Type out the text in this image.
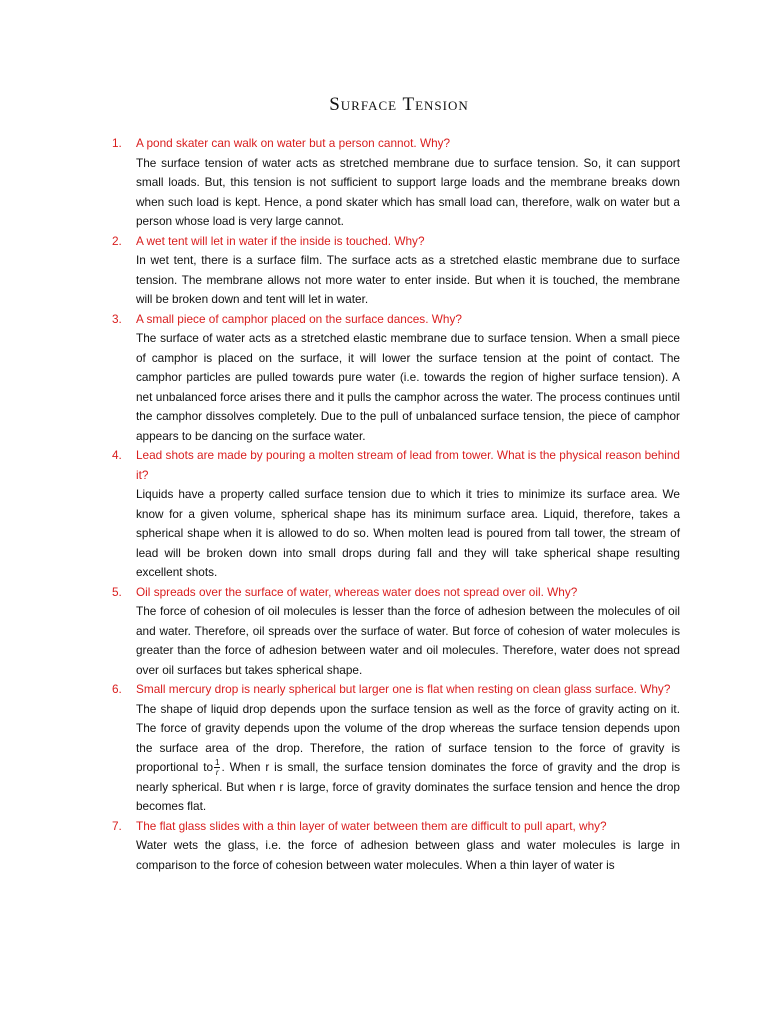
Surface Tension
1. A pond skater can walk on water but a person cannot. Why?
The surface tension of water acts as stretched membrane due to surface tension. So, it can support small loads. But, this tension is not sufficient to support large loads and the membrane breaks down when such load is kept. Hence, a pond skater which has small load can, therefore, walk on water but a person whose load is very large cannot.
2. A wet tent will let in water if the inside is touched. Why?
In wet tent, there is a surface film. The surface acts as a stretched elastic membrane due to surface tension. The membrane allows not more water to enter inside. But when it is touched, the membrane will be broken down and tent will let in water.
3. A small piece of camphor placed on the surface dances. Why?
The surface of water acts as a stretched elastic membrane due to surface tension. When a small piece of camphor is placed on the surface, it will lower the surface tension at the point of contact. The camphor particles are pulled towards pure water (i.e. towards the region of higher surface tension). A net unbalanced force arises there and it pulls the camphor across the water. The process continues until the camphor dissolves completely. Due to the pull of unbalanced surface tension, the piece of camphor appears to be dancing on the surface water.
4. Lead shots are made by pouring a molten stream of lead from tower. What is the physical reason behind it?
Liquids have a property called surface tension due to which it tries to minimize its surface area. We know for a given volume, spherical shape has its minimum surface area. Liquid, therefore, takes a spherical shape when it is allowed to do so. When molten lead is poured from tall tower, the stream of lead will be broken down into small drops during fall and they will take spherical shape resulting excellent shots.
5. Oil spreads over the surface of water, whereas water does not spread over oil. Why?
The force of cohesion of oil molecules is lesser than the force of adhesion between the molecules of oil and water. Therefore, oil spreads over the surface of water. But force of cohesion of water molecules is greater than the force of adhesion between water and oil molecules. Therefore, water does not spread over oil surfaces but takes spherical shape.
6. Small mercury drop is nearly spherical but larger one is flat when resting on clean glass surface. Why?
The shape of liquid drop depends upon the surface tension as well as the force of gravity acting on it. The force of gravity depends upon the volume of the drop whereas the surface tension depends upon the surface area of the drop. Therefore, the ration of surface tension to the force of gravity is proportional to $\frac{1}{r}$ . When r is small, the surface tension dominates the force of gravity and the drop is nearly spherical. But when r is large, force of gravity dominates the surface tension and hence the drop becomes flat.
7. The flat glass slides with a thin layer of water between them are difficult to pull apart, why?
Water wets the glass, i.e. the force of adhesion between glass and water molecules is large in comparison to the force of cohesion between water molecules. When a thin layer of water is
